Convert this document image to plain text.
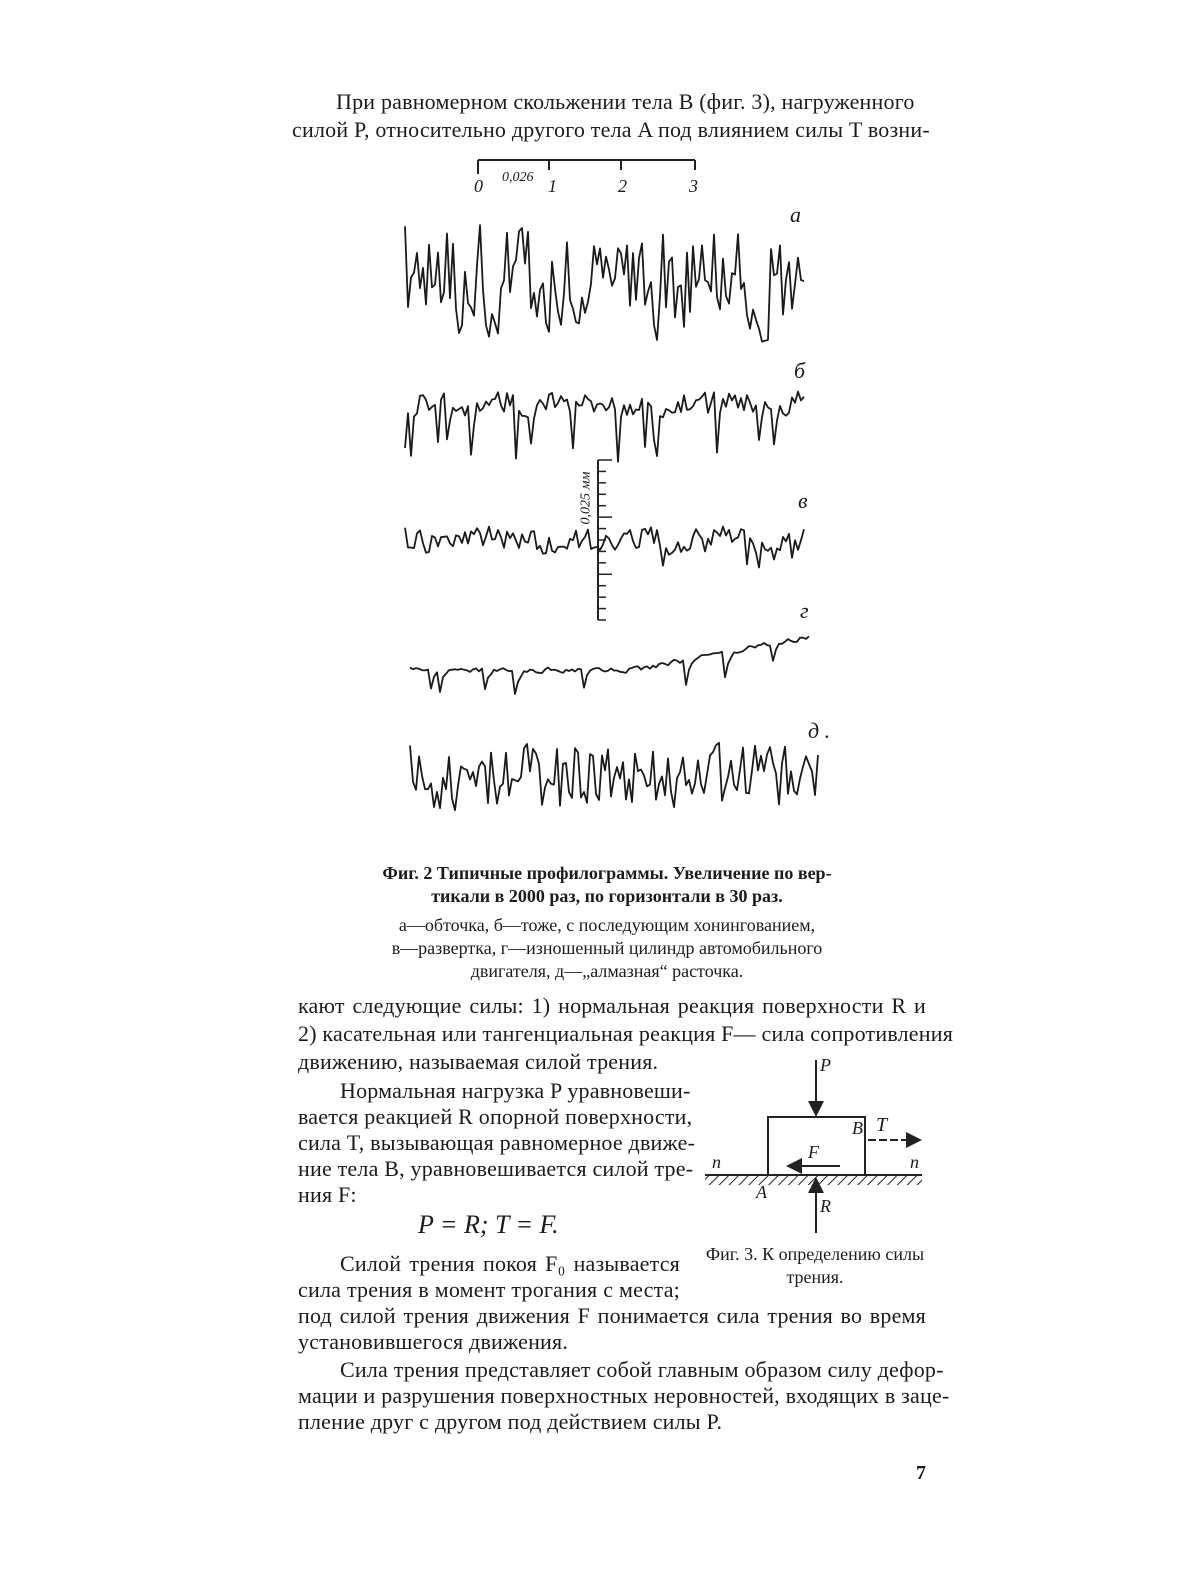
При равномерном скольжении тела В (фиг. 3), нагруженного
силой P, относительно другого тела A под влиянием силы T возни-
0	1	2	3
0,026
а
б
в
г
д .
0,025 мм
Фиг. 2 Типичные профилограммы. Увеличение по вер-
тикали в 2000 раз, по горизонтали в 30 раз.
а—обточка, б—тоже, с последующим хонингованием,
в—развертка, г—изношенный цилиндр автомобильного
двигателя, д—„алмазная“ расточка.
кают следующие силы: 1) нормальная реакция поверхности R и
2) касательная или тангенциальная реакция F— сила сопротивления
движению, называемая силой трения.
Нормальная нагрузка P уравновеши-
вается реакцией R опорной поверхности,
сила T, вызывающая равномерное движе-
ние тела B, уравновешивается силой тре-
ния F:
P = R; T = F.
Силой трения покоя F₀ называется
сила трения в момент трогания с места;
под силой трения движения F понимается сила трения во время
установившегося движения.
Сила трения представляет собой главным образом силу дефор-
мации и разрушения поверхностных неровностей, входящих в заце-
пление друг с другом под действием силы P.
P
B T
F
n	n
A
R
Фиг. 3. К определению силы
трения.
7
